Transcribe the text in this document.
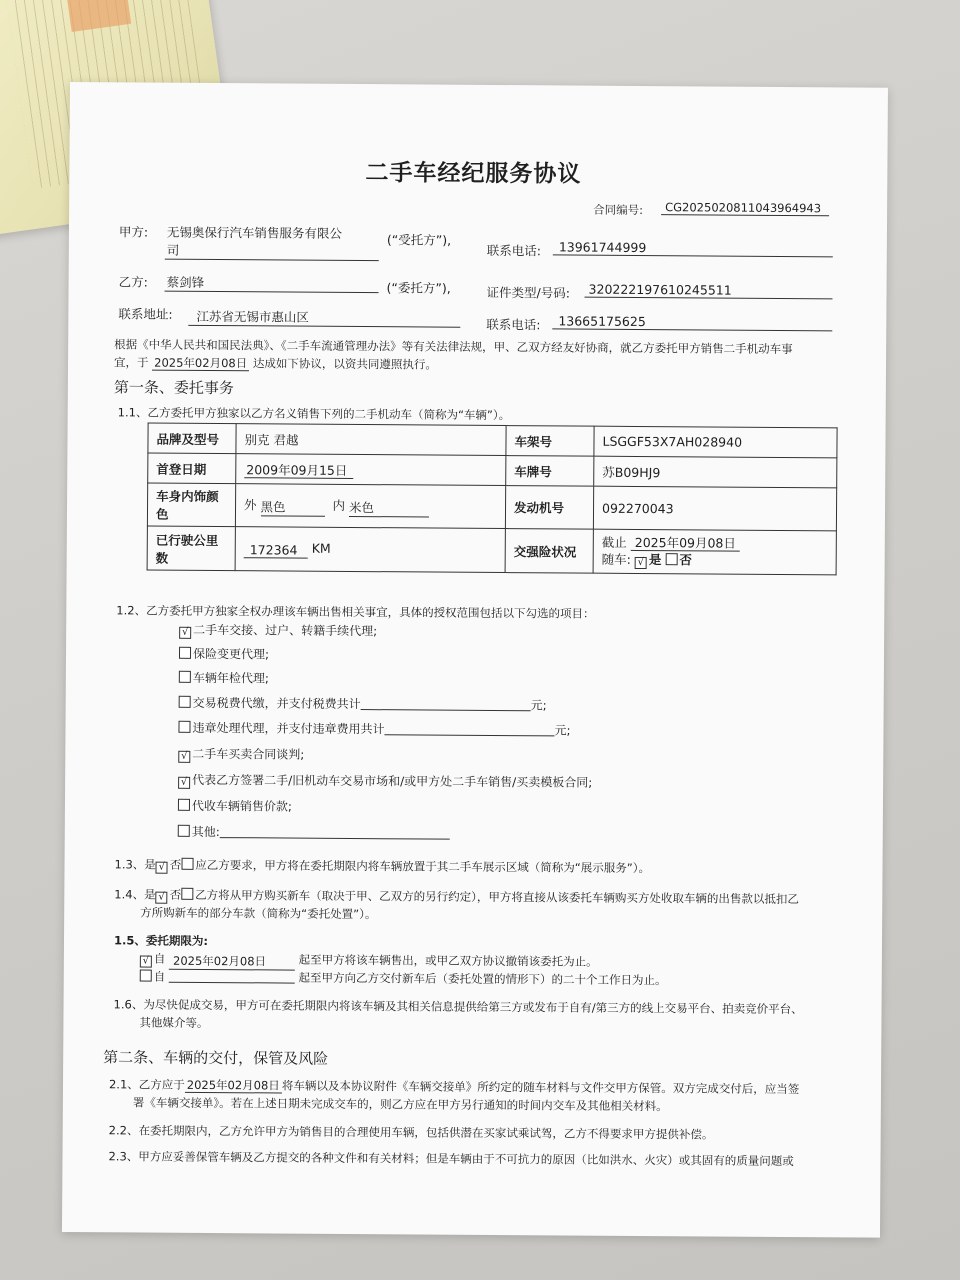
二手车经纪服务协议
合同编号:	CG2025020811043964943
甲方: 无锡奥保行汽车销售服务有限公
司
(“受托方”),
联系电话:	13961744999
乙方: 蔡剑锋	(“委托方”),	证件类型/号码:	320222197610245511
联系地址:	江苏省无锡市惠山区	联系电话:	13665175625
根据《中华人民共和国民法典》、《二手车流通管理办法》等有关法律法规，甲、乙双方经友好协商，就乙方委托甲方销售二手机动车事
宜，于 2025年02月08日 达成如下协议，以资共同遵照执行。
第一条、委托事务
1.1、乙方委托甲方独家以乙方名义销售下列的二手机动车（简称为“车辆”）。
品牌及型号	别克 君越	车架号	LSGGF53X7AH028940
首登日期	2009年09月15日	车牌号	苏B09HJ9
车身内饰颜色	外 黑色 内 米色	发动机号	092270043
已行驶公里数	172364 KM	交强险状况	截止 2025年09月08日
随车: √ 是 否
1.2、乙方委托甲方独家全权办理该车辆出售相关事宜，具体的授权范围包括以下勾选的项目：
√ 二手车交接、过户、转籍手续代理;
保险变更代理;
车辆年检代理;
交易税费代缴，并支付税费共计	元;
违章处理代理，并支付违章费用共计	元;
√ 二手车买卖合同谈判;
√ 代表乙方签署二手/旧机动车交易市场和/或甲方处二手车销售/买卖模板合同;
代收车辆销售价款;
其他:
1.3、是 √ 否 应乙方要求，甲方将在委托期限内将车辆放置于其二手车展示区域（简称为“展示服务”）。
1.4、是 √ 否 乙方将从甲方购买新车（取决于甲、乙双方的另行约定），甲方将直接从该委托车辆购买方处收取车辆的出售款以抵扣乙
方所购新车的部分车款（简称为“委托处置”）。
1.5、委托期限为:
√ 自 2025年02月08日	起至甲方将该车辆售出，或甲乙双方协议撤销该委托为止。
自	起至甲方向乙方交付新车后（委托处置的情形下）的二十个工作日为止。
1.6、为尽快促成交易，甲方可在委托期限内将该车辆及其相关信息提供给第三方或发布于自有/第三方的线上交易平台、拍卖竞价平台、
其他媒介等。
第二条、车辆的交付，保管及风险
2.1、乙方应于 2025年02月08日 将车辆以及本协议附件《车辆交接单》所约定的随车材料与文件交甲方保管。双方完成交付后，应当签
署《车辆交接单》。若在上述日期未完成交车的，则乙方应在甲方另行通知的时间内交车及其他相关材料。
2.2、在委托期限内，乙方允许甲方为销售目的合理使用车辆，包括供潜在买家试乘试驾，乙方不得要求甲方提供补偿。
2.3、甲方应妥善保管车辆及乙方提交的各种文件和有关材料；但是车辆由于不可抗力的原因（比如洪水、火灾）或其固有的质量问题或
